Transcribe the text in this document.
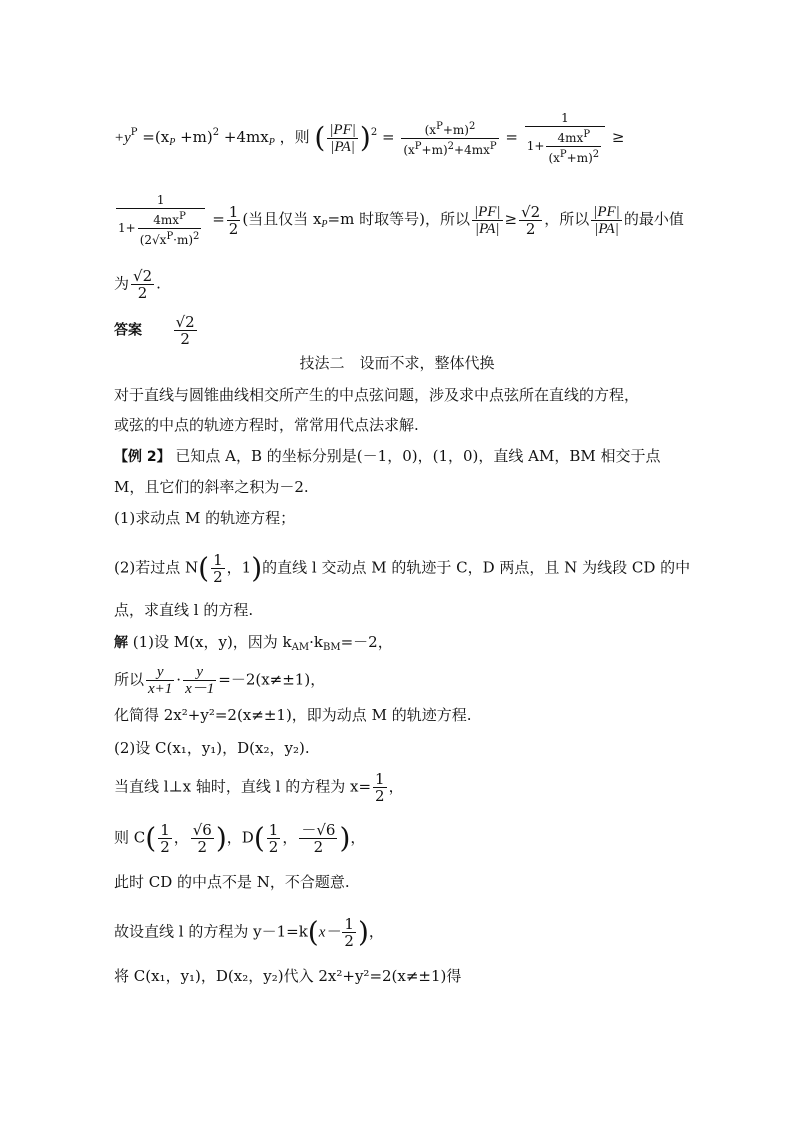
$+y^P =(x_P +m)^2 +4mx_P$ ，则 ( $\frac{|PF|}{|PA|} )^2 = \frac{(x^P+m)^2}{(x^P+m)^2+4mx^P} = \frac{1}{1+ \frac{4mx^P}{(x^P+m)^2}}$ ≥
$\frac{1}{1+ \frac{4mx^P}{(2√x^P\cdot m)^2}} = \frac{1}{2}$ (当且仅当 $x_P=m$ 时取等号)，所以 $\frac{|PF|}{|PA|} \ge \frac{√2}{2}$ ，所以 $\frac{|PF|}{|PA|}$ 的最小值
为 $\frac{√2}{2}$ .
答案 $\frac{√2}{2}$
技法二　设而不求，整体代换
对于直线与圆锥曲线相交所产生的中点弦问题，涉及求中点弦所在直线的方程，
或弦的中点的轨迹方程时，常常用代点法求解.
【例 2】 已知点 A，B 的坐标分别是(－1，0)，(1，0)，直线 AM，BM 相交于点
M，且它们的斜率之积为－2.
(1)求动点 M 的轨迹方程；
(2)若过点 $N( \frac{1}{2}$ ，1)的直线 l 交动点 M 的轨迹于 C，D 两点，且 N 为线段 CD 的中
点，求直线 l 的方程.
解 (1)设 M(x，y)，因为 $k_{AM}\cdot k_{BM}=-2$，
所以 $\frac{y}{x+1} \cdot \frac{y}{x-1} =-2(x\ne\pm 1)$，
化简得 2x²+y²=2(x≠±1)，即为动点 M 的轨迹方程.
(2)设 C(x₁，y₁)，D(x₂，y₂).
当直线 l⊥x 轴时，直线 l 的方程为 $x= \frac{1}{2}$ ，
则 $C( \frac{1}{2}$ ， $\frac{√6}{2}$ )，$D( \frac{1}{2}$ ， $\frac{-√6}{2}$ )，
此时 CD 的中点不是 N，不合题意.
故设直线 l 的方程为 $y-1=k(x- \frac{1}{2}$ )，
将 C(x₁，y₁)，D(x₂，y₂)代入 2x²+y²=2(x≠±1)得
